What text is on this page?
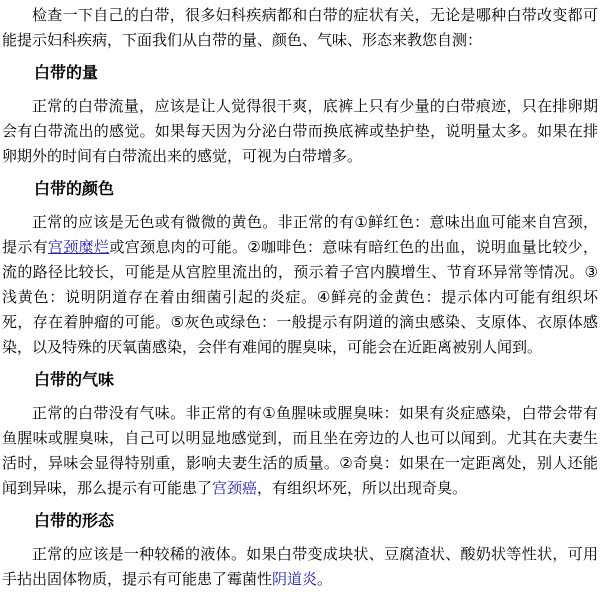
检查一下自己的白带，很多妇科疾病都和白带的症状有关，无论是哪种白带改变都可能提示妇科疾病，下面我们从白带的量、颜色、气味、形态来教您自测：

白带的量

正常的白带流量，应该是让人觉得很干爽，底裤上只有少量的白带痕迹，只在排卵期会有白带流出的感觉。如果每天因为分泌白带而换底裤或垫护垫，说明量太多。如果在排卵期外的时间有白带流出来的感觉，可视为白带增多。

白带的颜色

正常的应该是无色或有微微的黄色。非正常的有①鲜红色：意味出血可能来自宫颈，提示有宫颈糜烂或宫颈息肉的可能。②咖啡色：意味有暗红色的出血，说明血量比较少，流的路径比较长，可能是从宫腔里流出的，预示着子宫内膜增生、节育环异常等情况。③浅黄色：说明阴道存在着由细菌引起的炎症。④鲜亮的金黄色：提示体内可能有组织坏死，存在着肿瘤的可能。⑤灰色或绿色：一般提示有阴道的滴虫感染、支原体、衣原体感染，以及特殊的厌氧菌感染，会伴有难闻的腥臭味，可能会在近距离被别人闻到。

白带的气味

正常的白带没有气味。非正常的有①鱼腥味或腥臭味：如果有炎症感染，白带会带有鱼腥味或腥臭味，自己可以明显地感觉到，而且坐在旁边的人也可以闻到。尤其在夫妻生活时，异味会显得特别重，影响夫妻生活的质量。②奇臭：如果在一定距离处，别人还能闻到异味，那么提示有可能患了宫颈癌，有组织坏死，所以出现奇臭。

白带的形态

正常的应该是一种较稀的液体。如果白带变成块状、豆腐渣状、酸奶状等性状，可用手拈出固体物质，提示有可能患了霉菌性阴道炎。
